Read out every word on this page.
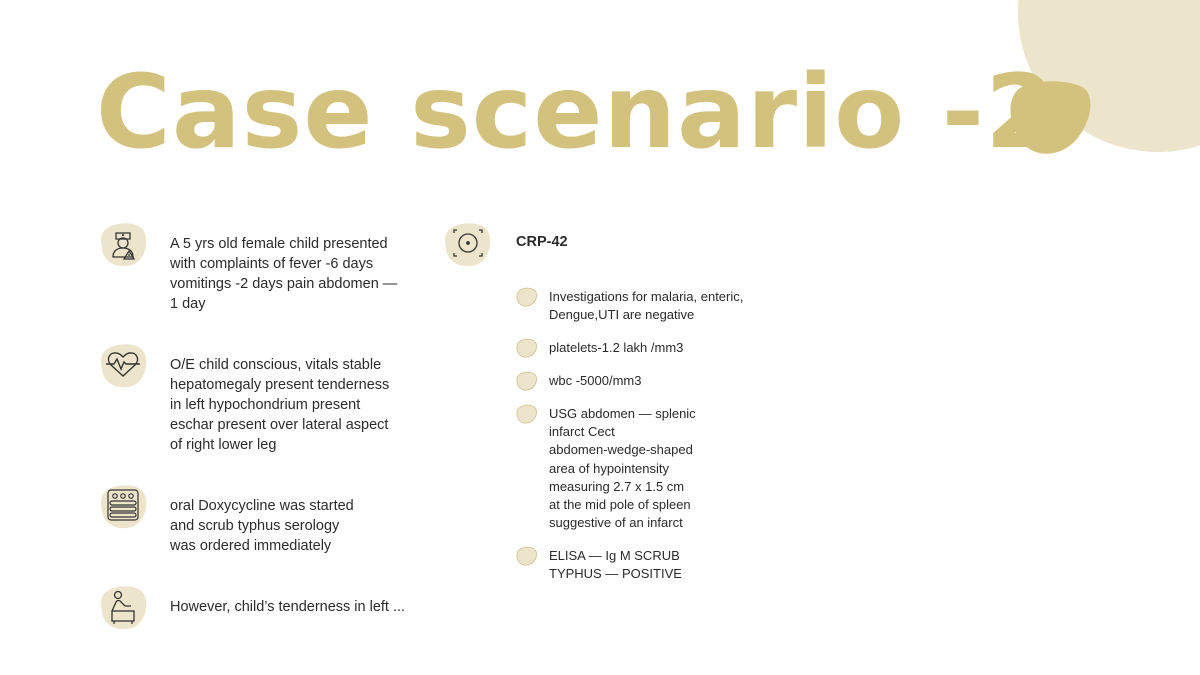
Case scenario -2
A 5 yrs old female child presented
with complaints of fever -6 days
vomitings -2 days pain abdomen —
1 day
O/E child conscious, vitals stable
hepatomegaly present tenderness
in left hypochondrium present
eschar present over lateral aspect
of right lower leg
oral Doxycycline was started
and scrub typhus serology
was ordered immediately
However, child’s tenderness in left ...
CRP-42
Investigations for malaria, enteric,
Dengue,UTI are negative
platelets-1.2 lakh /mm3
wbc -5000/mm3
USG abdomen — splenic
infarct Cect
abdomen-wedge-shaped
area of hypointensity
measuring 2.7 x 1.5 cm
at the mid pole of spleen
suggestive of an infarct
ELISA — Ig M SCRUB
TYPHUS — POSITIVE
